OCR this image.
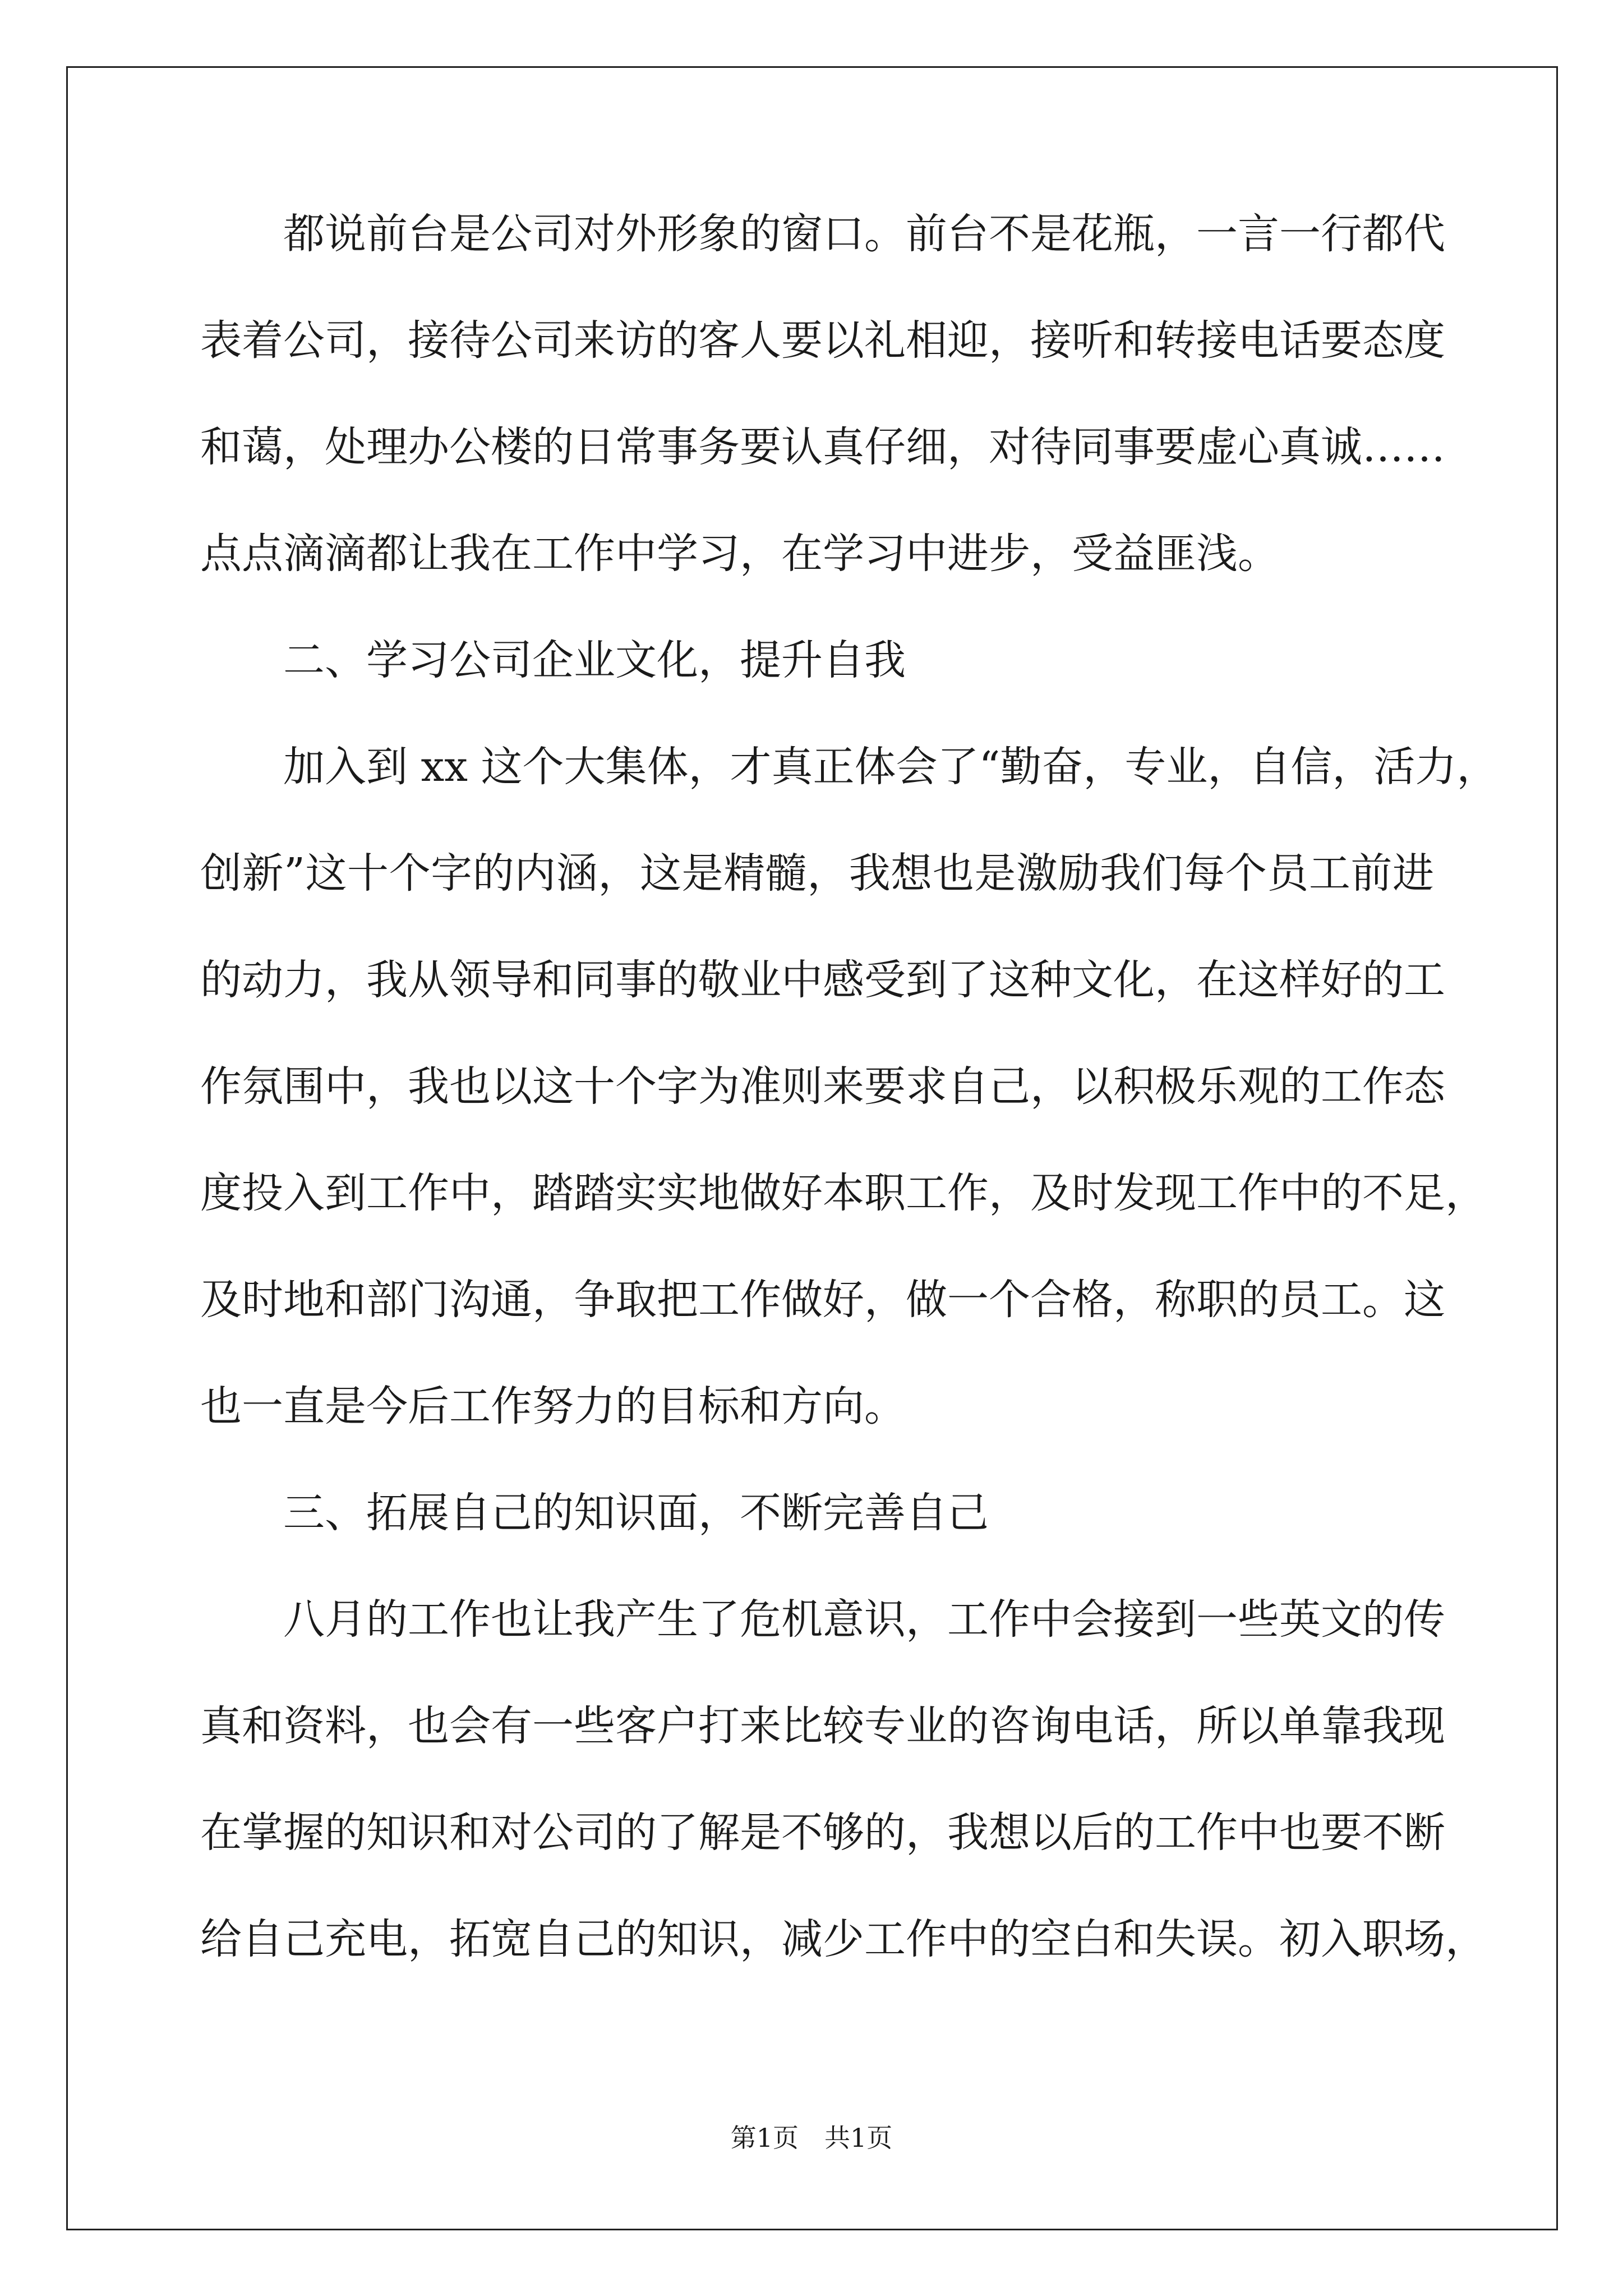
都说前台是公司对外形象的窗口。前台不是花瓶，一言一行都代
表着公司，接待公司来访的客人要以礼相迎，接听和转接电话要态度
和蔼，处理办公楼的日常事务要认真仔细，对待同事要虚心真诚……
点点滴滴都让我在工作中学习，在学习中进步，受益匪浅。
二、学习公司企业文化，提升自我
加入到 xx 这个大集体，才真正体会了“勤奋，专业，自信，活力，
创新”这十个字的内涵，这是精髓，我想也是激励我们每个员工前进
的动力，我从领导和同事的敬业中感受到了这种文化，在这样好的工
作氛围中，我也以这十个字为准则来要求自己，以积极乐观的工作态
度投入到工作中，踏踏实实地做好本职工作，及时发现工作中的不足，
及时地和部门沟通，争取把工作做好，做一个合格，称职的员工。这
也一直是今后工作努力的目标和方向。
三、拓展自己的知识面，不断完善自己
八月的工作也让我产生了危机意识，工作中会接到一些英文的传
真和资料，也会有一些客户打来比较专业的咨询电话，所以单靠我现
在掌握的知识和对公司的了解是不够的，我想以后的工作中也要不断
给自己充电，拓宽自己的知识，减少工作中的空白和失误。初入职场，
第1页　共1页
